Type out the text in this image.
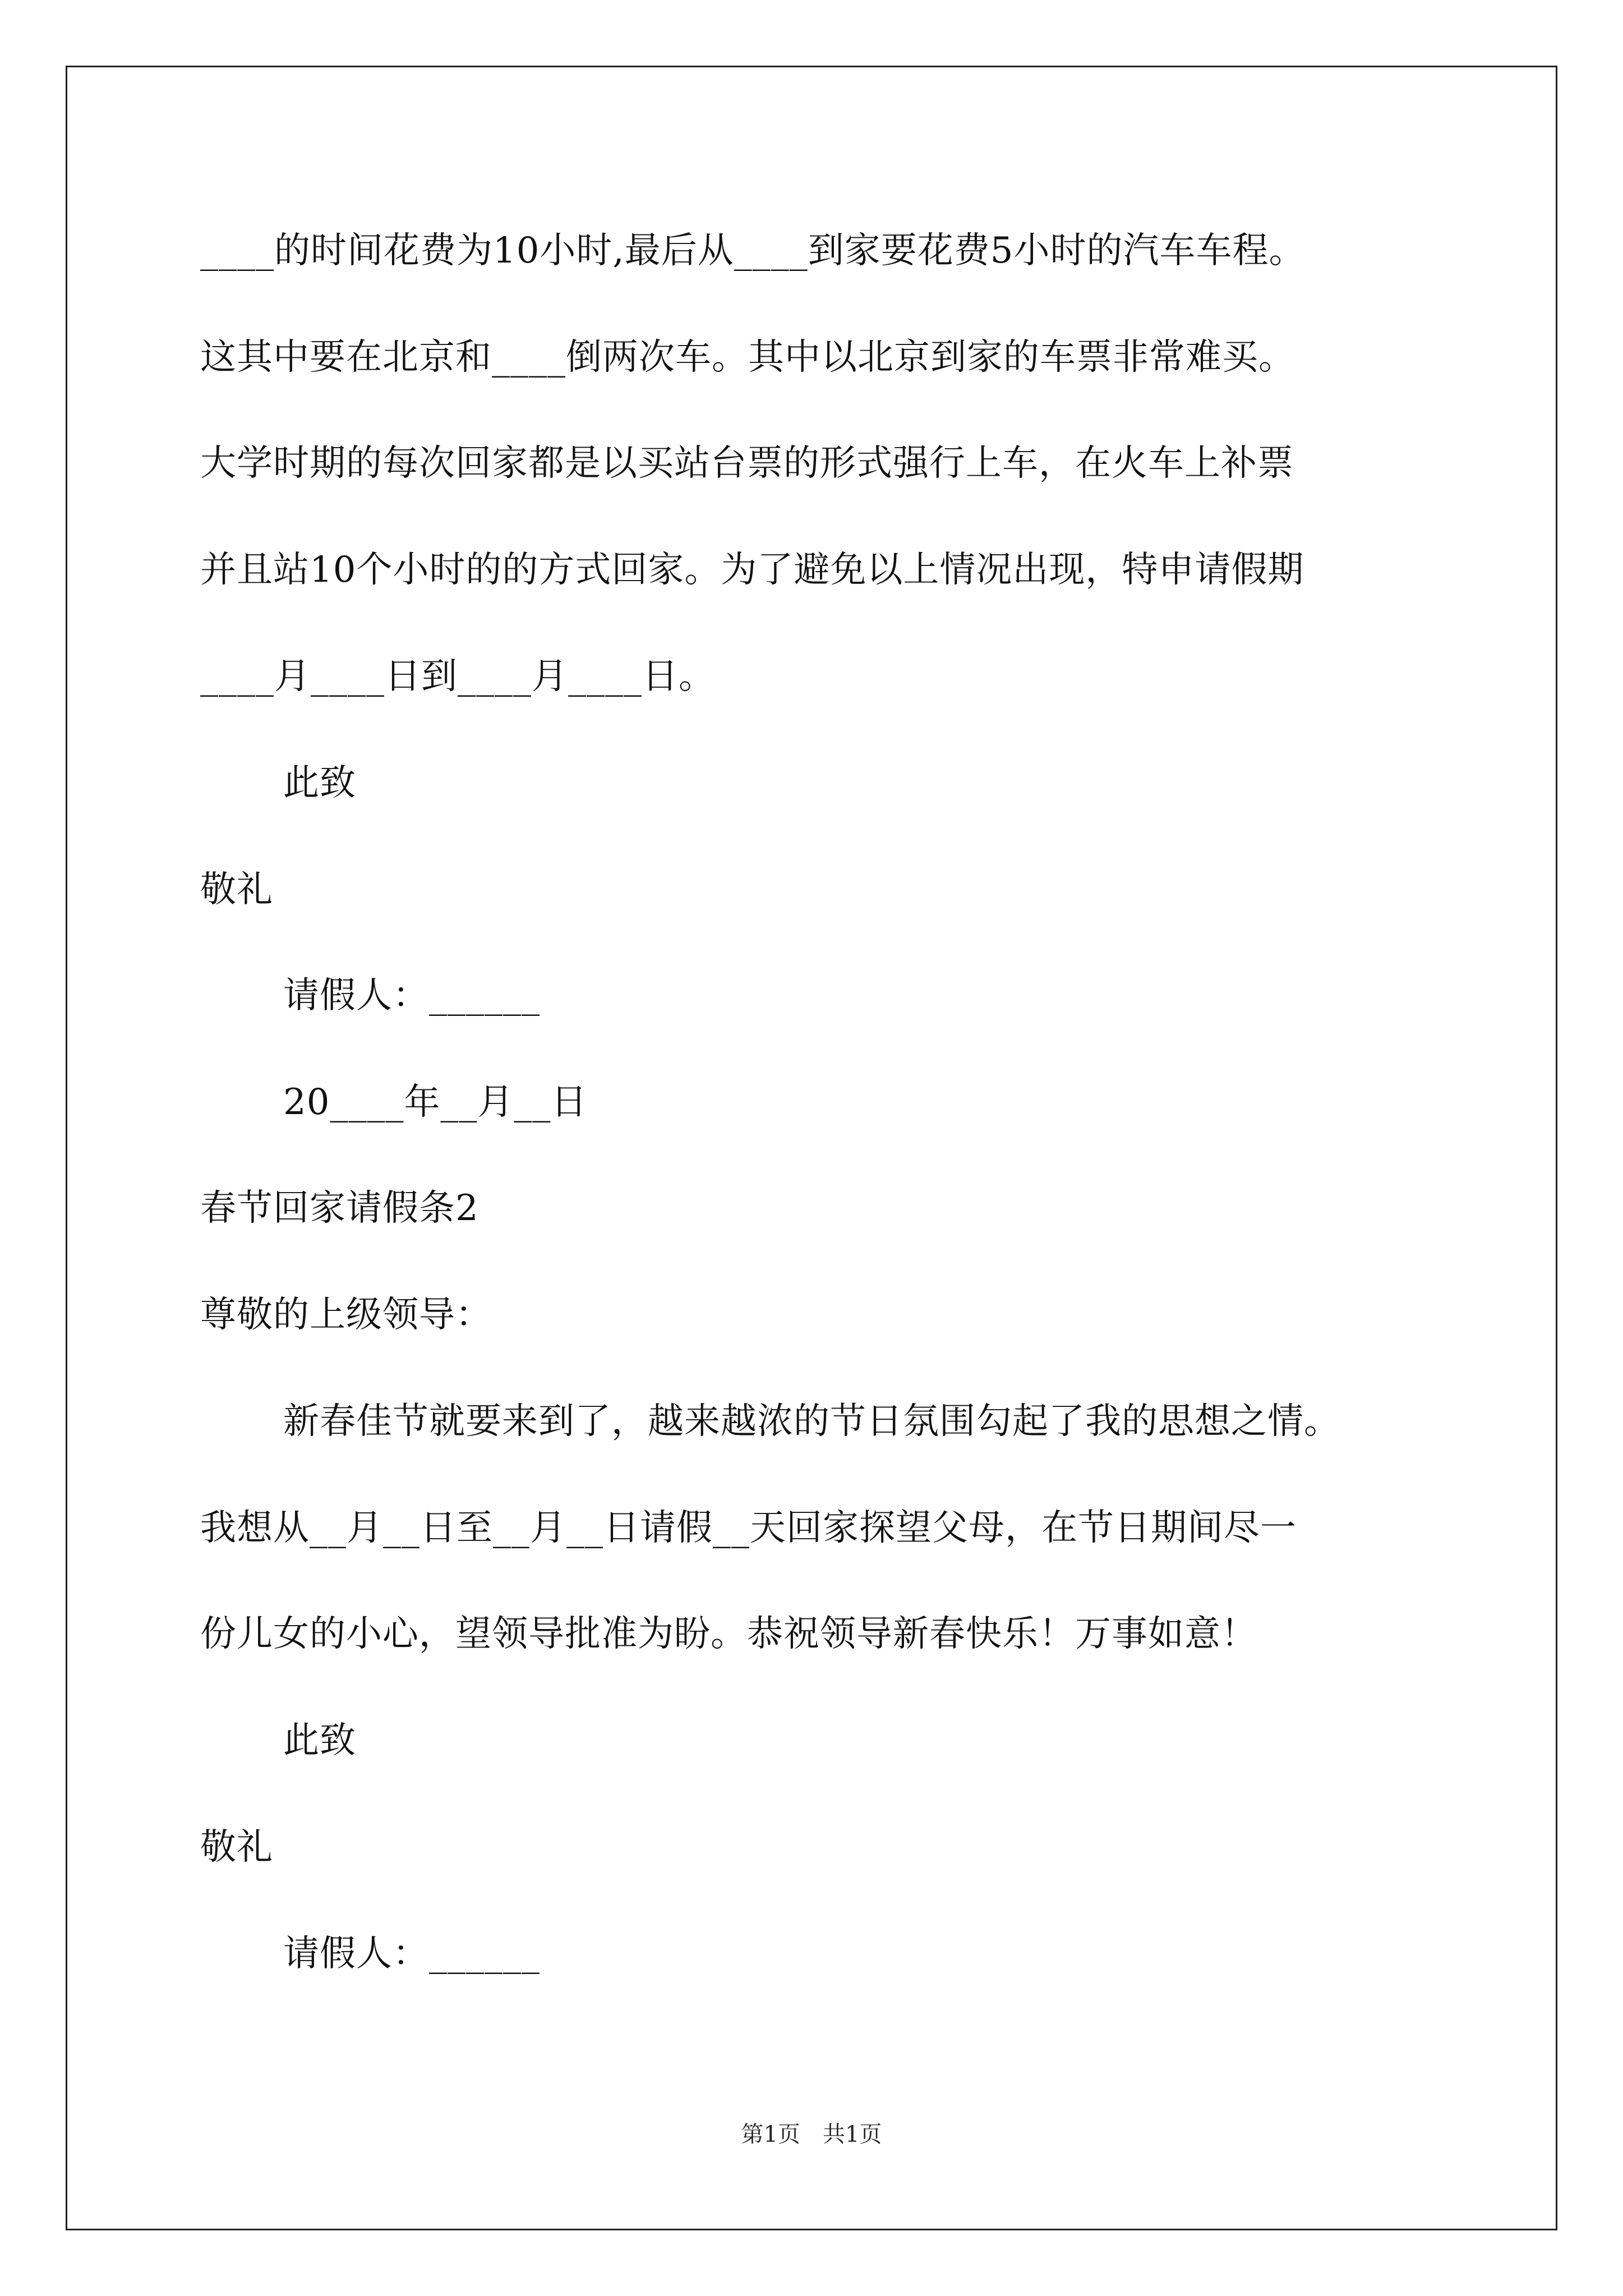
____的时间花费为10小时,最后从____到家要花费5小时的汽车车程。
这其中要在北京和____倒两次车。其中以北京到家的车票非常难买。
大学时期的每次回家都是以买站台票的形式强行上车，在火车上补票
并且站10个小时的的方式回家。为了避免以上情况出现，特申请假期
____月____日到____月____日。
此致
敬礼
请假人：______
20____年__月__日
春节回家请假条2
尊敬的上级领导：
新春佳节就要来到了，越来越浓的节日氛围勾起了我的思想之情。
我想从__月__日至__月__日请假__天回家探望父母，在节日期间尽一
份儿女的小心，望领导批准为盼。恭祝领导新春快乐！万事如意！
此致
敬礼
请假人：______
第1页　共1页
